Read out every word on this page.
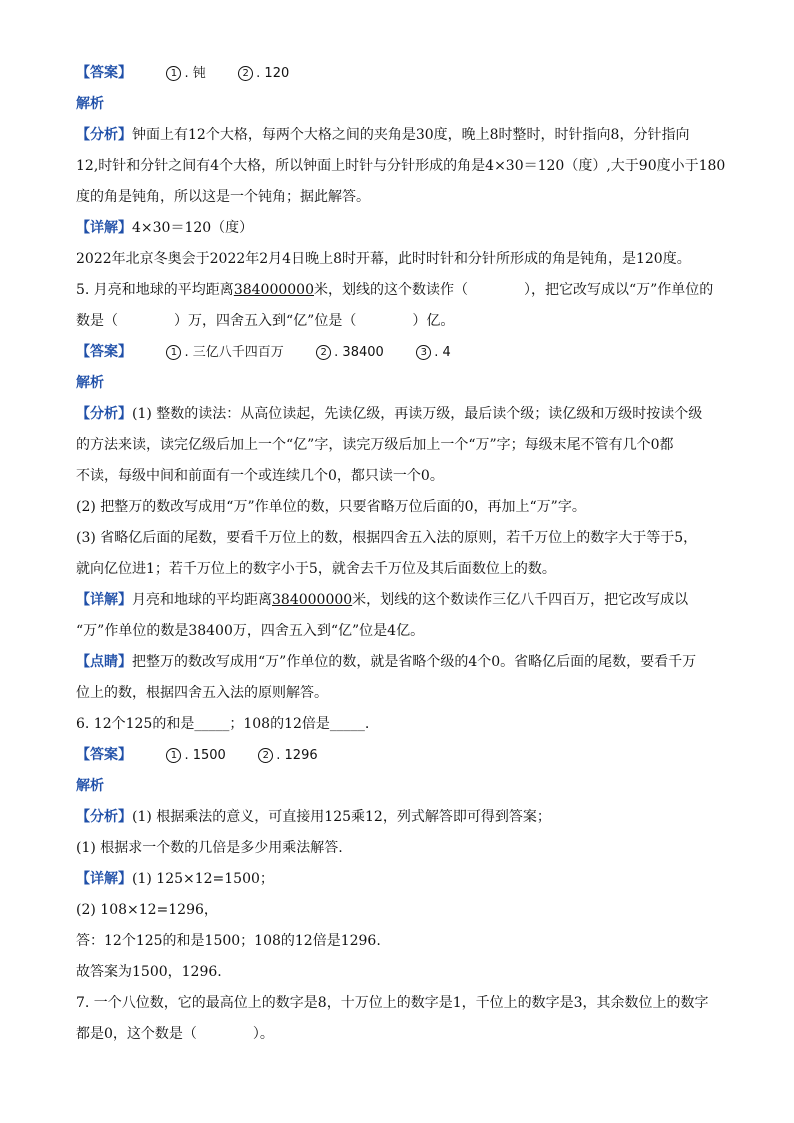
【答案】	1 . 钝	2 . 120
解析
【分析】钟面上有12个大格，每两个大格之间的夹角是30度，晚上8时整时，时针指向8，分针指向
12,时针和分针之间有4个大格，所以钟面上时针与分针形成的角是4×30＝120（度）,大于90度小于180
度的角是钝角，所以这是一个钝角；据此解答。
【详解】4×30＝120（度）
2022年北京冬奥会于2022年2月4日晚上8时开幕，此时时针和分针所形成的角是钝角，是120度。
5. 月亮和地球的平均距离384000000米，划线的这个数读作（　　　　），把它改写成以“万”作单位的
数是（　　　　）万，四舍五入到“亿”位是（　　　　）亿。
【答案】	1 . 三亿八千四百万	2 . 38400	3 . 4
解析
【分析】(1) 整数的读法：从高位读起，先读亿级，再读万级，最后读个级；读亿级和万级时按读个级
的方法来读，读完亿级后加上一个“亿”字，读完万级后加上一个“万”字；每级末尾不管有几个0都
不读，每级中间和前面有一个或连续几个0，都只读一个0。
(2) 把整万的数改写成用“万”作单位的数，只要省略万位后面的0，再加上“万”字。
(3) 省略亿后面的尾数，要看千万位上的数，根据四舍五入法的原则，若千万位上的数字大于等于5，
就向亿位进1；若千万位上的数字小于5，就舍去千万位及其后面数位上的数。
【详解】月亮和地球的平均距离384000000米，划线的这个数读作三亿八千四百万，把它改写成以
“万”作单位的数是38400万，四舍五入到“亿”位是4亿。
【点睛】把整万的数改写成用“万”作单位的数，就是省略个级的4个0。省略亿后面的尾数，要看千万
位上的数，根据四舍五入法的原则解答。
6. 12个125的和是_____；108的12倍是_____.
【答案】	1 . 1500	2 . 1296
解析
【分析】(1) 根据乘法的意义，可直接用125乘12，列式解答即可得到答案；
(1) 根据求一个数的几倍是多少用乘法解答.
【详解】(1) 125×12=1500；
(2) 108×12=1296，
答：12个125的和是1500；108的12倍是1296.
故答案为1500，1296.
7. 一个八位数，它的最高位上的数字是8，十万位上的数字是1，千位上的数字是3，其余数位上的数字
都是0，这个数是（　　　　）。
